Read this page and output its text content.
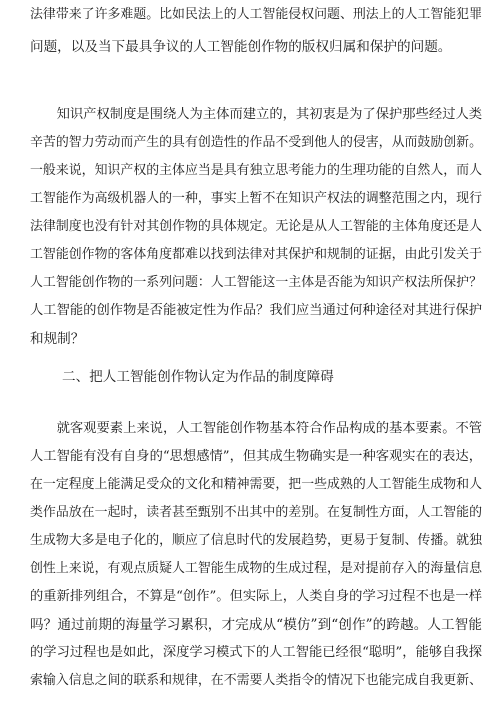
法律带来了许多难题。比如民法上的人工智能侵权问题、刑法上的人工智能犯罪
问题，以及当下最具争议的人工智能创作物的版权归属和保护的问题。
　　知识产权制度是围绕人为主体而建立的，其初衷是为了保护那些经过人类
辛苦的智力劳动而产生的具有创造性的作品不受到他人的侵害，从而鼓励创新。
一般来说，知识产权的主体应当是具有独立思考能力的生理功能的自然人，而人
工智能作为高级机器人的一种，事实上暂不在知识产权法的调整范围之内，现行
法律制度也没有针对其创作物的具体规定。无论是从人工智能的主体角度还是人
工智能创作物的客体角度都难以找到法律对其保护和规制的证据，由此引发关于
人工智能创作物的一系列问题：人工智能这一主体是否能为知识产权法所保护？
人工智能的创作物是否能被定性为作品？我们应当通过何种途径对其进行保护
和规制？
二、把人工智能创作物认定为作品的制度障碍
　　就客观要素上来说，人工智能创作物基本符合作品构成的基本要素。不管
人工智能有没有自身的“思想感情”，但其成生物确实是一种客观实在的表达，
在一定程度上能满足受众的文化和精神需要，把一些成熟的人工智能生成物和人
类作品放在一起时，读者甚至甄别不出其中的差别。在复制性方面，人工智能的
生成物大多是电子化的，顺应了信息时代的发展趋势，更易于复制、传播。就独
创性上来说，有观点质疑人工智能生成物的生成过程，是对提前存入的海量信息
的重新排列组合，不算是“创作”。但实际上，人类自身的学习过程不也是一样
吗？通过前期的海量学习累积，才完成从“模仿”到“创作”的跨越。人工智能
的学习过程也是如此，深度学习模式下的人工智能已经很“聪明”，能够自我探
索输入信息之间的联系和规律，在不需要人类指令的情况下也能完成自我更新、
